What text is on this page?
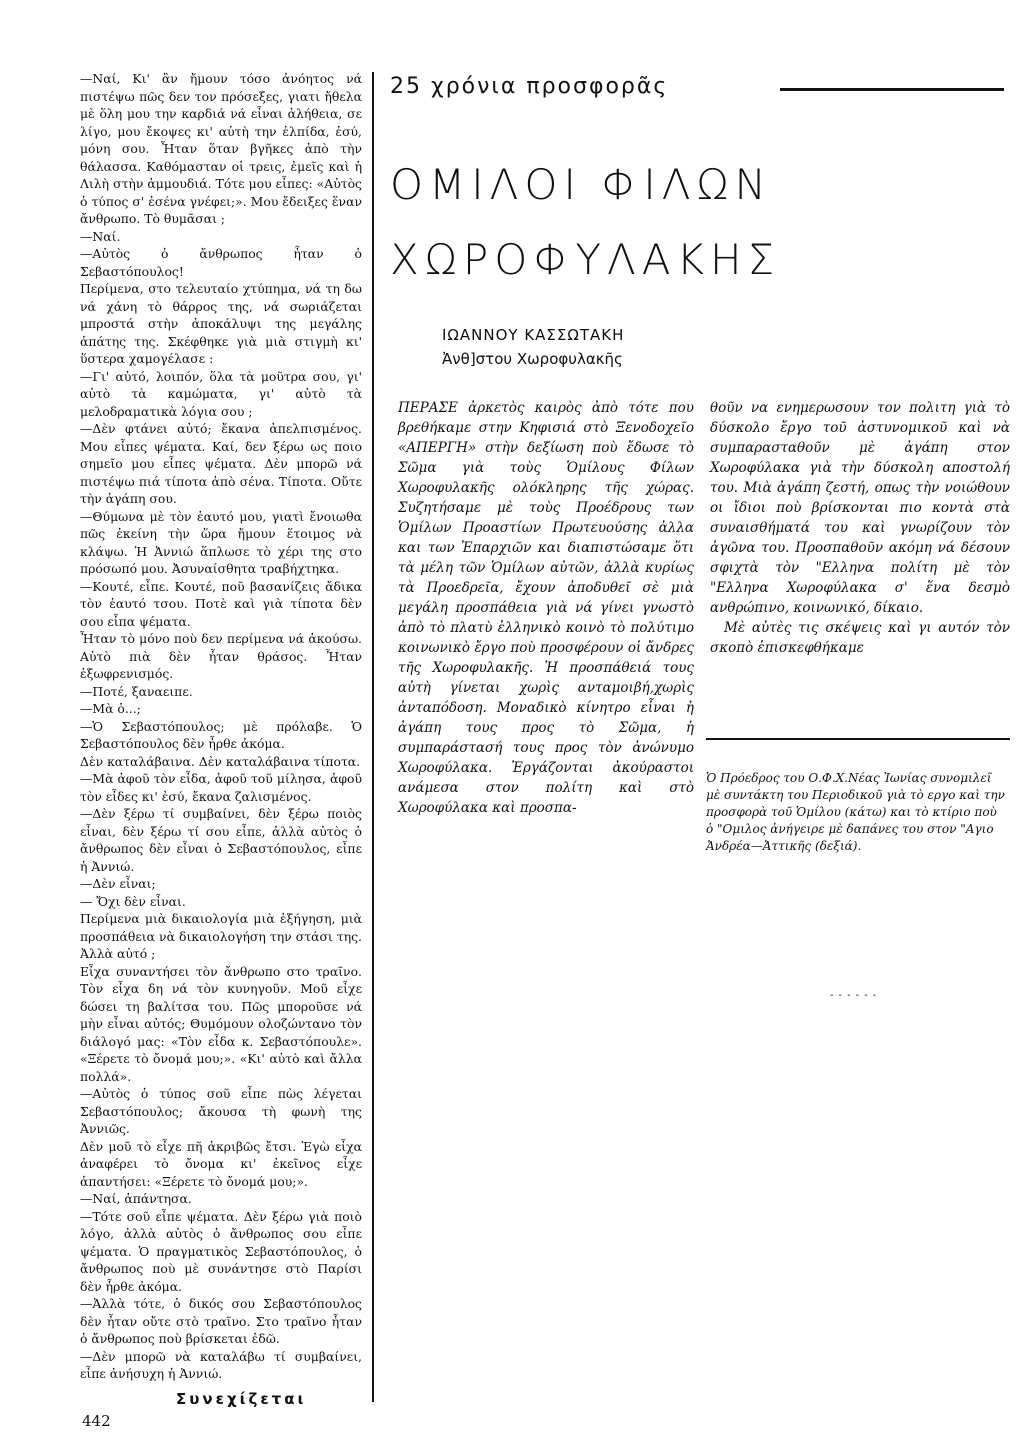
—Ναί, Κι' ἂν ἤμουν τόσο ἀνόητος νά πιστέψω πῶς δεν τον πρόσεξες, γιατι ἤθελα μὲ ὅλη μου την καρδιά νά εἶναι ἀλήθεια, σε λίγο, μου ἔκοψες κι' αὐτὴ την ἐλπίδα, ἐσύ, μόνη σου. Ἦταν ὅταν βγῆκες ἀπὸ τὴν θάλασσα. Καθόμασταν οἱ τρεις, ἐμεῖς καὶ ἡ Λιλὴ στὴν ἀμμουδιά. Τότε μου εἶπες: «Αὐτὸς ὁ τύπος σ' ἐσένα γνέφει;». Μου ἔδειξες ἕναν ἄνθρωπο. Τὸ θυμᾶσαι ;

—Ναί.

—Αὐτὸς ὁ ἄνθρωπος ἦταν ὁ Σεβαστόπουλος!

Περίμενα, στο τελευταίο χτύπημα, νά τη δω νά χάνη τὸ θάρρος της, νά σωριάζεται μπροστά στὴν ἀποκάλυψι της μεγάλης ἀπάτης της. Σκέφθηκε γιὰ μιὰ στιγμὴ κι' ὕστερα χαμογέλασε :

—Γι' αὐτό, λοιπόν, ὅλα τὰ μοῦτρα σου, γι' αὐτὸ τὰ καμώματα, γι' αὐτὸ τὰ μελοδραματικὰ λόγια σου ;

—Δὲν φτάνει αὐτό; ἔκανα ἀπελπισμένος. Μου εἶπες ψέματα. Καί, δεν ξέρω ως ποιο σημεῖο μου εἶπες ψέματα. Δὲν μπορῶ νά πιστέψω πιά τίποτα ἀπὸ σένα. Τίποτα. Οὔτε τὴν ἀγάπη σου.

—Θύμωνα μὲ τὸν ἑαυτό μου, γιατὶ ἔνοιωθα πῶς ἐκείνη τὴν ὥρα ἤμουν ἕτοιμος νὰ κλάψω. Ἡ Ἀννιώ ἅπλωσε τὸ χέρι της στο πρόσωπό μου. Ἀσυναίσθητα τραβήχτηκα.

—Κουτέ, εἶπε. Κουτέ, ποῦ βασανίζεις ἄδικα τὸν ἑαυτό τσου. Ποτὲ καὶ γιὰ τίποτα δὲν σου εἶπα ψέματα.

Ἦταν τὸ μόνο ποὺ δεν περίμενα νά ἀκούσω. Αὐτὸ πιὰ δὲν ἦταν θράσος. Ἦταν ἐξωφρενισμός.

—Ποτέ, ξαναειπε.

—Μὰ ὁ...;

—Ὁ Σεβαστόπουλος; μὲ πρόλαβε. Ὁ Σεβαστόπουλος δὲν ἦρθε ἀκόμα.

Δὲν καταλάβαινα. Δὲν καταλάβαινα τίποτα.

—Μὰ ἀφοῦ τὸν εἶδα, ἀφοῦ τοῦ μίλησα, ἀφοῦ τὸν εἶδες κι' ἐσύ, ἔκανα ζαλισμένος.

—Δὲν ξέρω τί συμβαίνει, δὲν ξέρω ποιὸς εἶναι, δὲν ξέρω τί σου εἶπε, ἀλλὰ αὐτὸς ὁ ἄνθρωπος δὲν εἶναι ὁ Σεβαστόπουλος, εἶπε ἡ Ἀννιώ.

—Δὲν εἶναι;

— Ὄχι δὲν εἶναι.

Περίμενα μιὰ δικαιολογία μιὰ ἐξήγηση, μιὰ προσπάθεια νὰ δικαιολογήση την στάσι της. Ἀλλὰ αὐτό ;

Εἶχα συναντήσει τὸν ἄνθρωπο στο τραῖνο. Τὸν εἶχα δη νά τὸν κυνηγοῦν. Μοῦ εἶχε δώσει τη βαλίτσα του. Πῶς μποροῦσε νά μὴν εἶναι αὐτός; Θυμόμουν ολοζώντανο τὸν διάλογό μας: «Τὸν εἶδα κ. Σεβαστόπουλε». «Ξέρετε τὸ ὄνομά μου;». «Κι' αὐτὸ καὶ ἄλλα πολλά».

—Αὐτὸς ὁ τύπος σοῦ εἶπε πὼς λέγεται Σεβαστόπουλος; ἄκουσα τὴ φωνὴ της Ἀννιῶς.

Δὲν μοῦ τὸ εἶχε πῆ ἀκριβῶς ἔτσι. Ἐγὼ εἶχα ἀναφέρει τὸ ὄνομα κι' ἐκεῖνος εἶχε ἀπαντήσει: «Ξέρετε τὸ ὄνομά μου;».

—Ναί, ἀπάντησα.

—Τότε σοῦ εἶπε ψέματα. Δὲν ξέρω γιὰ ποιὸ λόγο, ἀλλὰ αὐτὸς ὁ ἄνθρωπος σου εἶπε ψέματα. Ὁ πραγματικὸς Σεβαστόπουλος, ὁ ἄνθρωπος ποὺ μὲ συνάντησε στὸ Παρίσι δὲν ἦρθε ἀκόμα.

—Ἀλλὰ τότε, ὁ δικός σου Σεβαστόπουλος δὲν ἦταν οὔτε στὸ τραῖνο. Στο τραῖνο ἦταν ὁ ἄνθρωπος ποὺ βρίσκεται ἐδῶ.

—Δὲν μπορῶ νὰ καταλάβω τί συμβαίνει, εἶπε ἀνήσυχη ἡ Ἀννιώ.

Συνεχίζεται
442
25 χρόνια προσφορᾶς
ΟΜΙΛΟΙ ΦΙΛΩΝ
ΧΩΡΟΦΥΛΑΚΗΣ
ΙΩΑΝΝΟΥ ΚΑΣΣΩΤΑΚΗ
Ἀνθ]στου Χωροφυλακῆς

ΠΕΡΑΣΕ ἀρκετὸς καιρὸς ἀπὸ τότε που βρεθήκαμε στην Κηφισιά στὸ Ξενοδοχεῖο «ΑΠΕΡΓΗ» στὴν δεξίωση ποὺ ἔδωσε τὸ Σῶμα γιὰ τοὺς Ὁμίλους Φίλων Χωροφυλακῆς ολόκληρης τῆς χώρας. Συζητήσαμε μὲ τοὺς Προέδρους των Ὁμίλων Προαστίων Πρωτευούσης ἀλλα και των Ἐπαρχιῶν και διαπιστώσαμε ὅτι τὰ μέλη τῶν Ὁμίλων αὐτῶν, ἀλλὰ κυρίως τὰ Προεδρεῖα, ἔχουν ἀποδυθεῖ σὲ μιὰ μεγάλη προσπάθεια γιὰ νά γίνει γνωστὸ ἀπὸ τὸ πλατὺ ἑλληνικὸ κοινὸ τὸ πολύτιμο κοινωνικὸ ἔργο ποὺ προσφέρουν οἱ ἄνδρες τῆς Χωροφυλακῆς. Ἡ προσπάθειά τους αὐτὴ γίνεται χωρὶς ανταμοιβή,χωρὶς ἀνταπόδοση. Μοναδικὸ κίνητρο εἶναι ἡ ἀγάπη τους προς τὸ Σῶμα, ἡ συμπαράστασή τους προς τὸν ἀνώνυμο Χωροφύλακα. Ἐργάζονται ἀκούραστοι ανάμεσα στον πολίτη καὶ στὸ Χωροφύλακα καὶ προσπα-

θοῦν να ενημερωσουν τον πολιτη γιὰ τὸ δύσκολο ἔργο τοῦ ἀστυνομικοῦ καὶ νὰ συμπαρασταθοῦν μὲ ἀγάπη στον Χωροφύλακα γιὰ τὴν δύσκολη αποστολή του. Μιὰ ἀγάπη ζεστή, οπως τὴν νοιώθουν οι ἴδιοι ποὺ βρίσκονται πιο κοντὰ στὰ συναισθήματά του καὶ γνωρίζουν τὸν ἀγῶνα του. Προσπαθοῦν ακόμη νά δέσουν σφιχτὰ τὸν "Ελληνα πολίτη μὲ τὸν "Ελληνα Χωροφύλακα σ' ἕνα δεσμὸ ανθρώπινο, κοινωνικό, δίκαιο.

Μὲ αὐτὲς τις σκέψεις καὶ γι αυτόν τὸν σκοπὸ ἐπισκεφθήκαμε

Ὁ Πρόεδρος του Ο.Φ.Χ.Νέας Ἰωνίας συνομιλεῖ μὲ συντάκτη του Περιοδικοῦ γιὰ τὸ εργο καὶ την προσφορὰ τοῦ Ὁμίλου (κάτω) και τὸ κτίριο ποὺ ὁ "Ομιλος ἀνήγειρε μὲ δαπάνες του στον "Αγιο Ἀνδρέα—Ἀττικῆς (δεξιά).
- - - - - -
